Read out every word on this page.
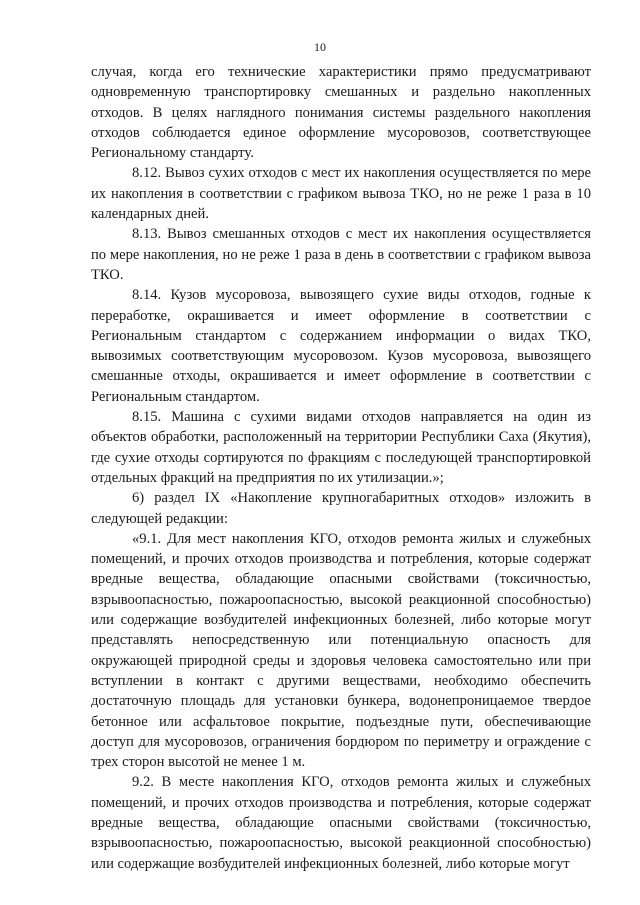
10

случая, когда его технические характеристики прямо предусматривают одновременную транспортировку смешанных и раздельно накопленных отходов. В целях наглядного понимания системы раздельного накопления отходов соблюдается единое оформление мусоровозов, соответствующее Региональному стандарту.

8.12. Вывоз сухих отходов с мест их накопления осуществляется по мере их накопления в соответствии с графиком вывоза ТКО, но не реже 1 раза в 10 календарных дней.

8.13. Вывоз смешанных отходов с мест их накопления осуществляется по мере накопления, но не реже 1 раза в день в соответствии с графиком вывоза ТКО.

8.14. Кузов мусоровоза, вывозящего сухие виды отходов, годные к переработке, окрашивается и имеет оформление в соответствии с Региональным стандартом с содержанием информации о видах ТКО, вывозимых соответствующим мусоровозом. Кузов мусоровоза, вывозящего смешанные отходы, окрашивается и имеет оформление в соответствии с Региональным стандартом.

8.15. Машина с сухими видами отходов направляется на один из объектов обработки, расположенный на территории Республики Саха (Якутия), где сухие отходы сортируются по фракциям с последующей транспортировкой отдельных фракций на предприятия по их утилизации.»;

6) раздел IX «Накопление крупногабаритных отходов» изложить в следующей редакции:

«9.1. Для мест накопления КГО, отходов ремонта жилых и служебных помещений, и прочих отходов производства и потребления, которые содержат вредные вещества, обладающие опасными свойствами (токсичностью, взрывоопасностью, пожароопасностью, высокой реакционной способностью) или содержащие возбудителей инфекционных болезней, либо которые могут представлять непосредственную или потенциальную опасность для окружающей природной среды и здоровья человека самостоятельно или при вступлении в контакт с другими веществами, необходимо обеспечить достаточную площадь для установки бункера, водонепроницаемое твердое бетонное или асфальтовое покрытие, подъездные пути, обеспечивающие доступ для мусоровозов, ограничения бордюром по периметру и ограждение с трех сторон высотой не менее 1 м.

9.2. В месте накопления КГО, отходов ремонта жилых и служебных помещений, и прочих отходов производства и потребления, которые содержат вредные вещества, обладающие опасными свойствами (токсичностью, взрывоопасностью, пожароопасностью, высокой реакционной способностью) или содержащие возбудителей инфекционных болезней, либо которые могут
